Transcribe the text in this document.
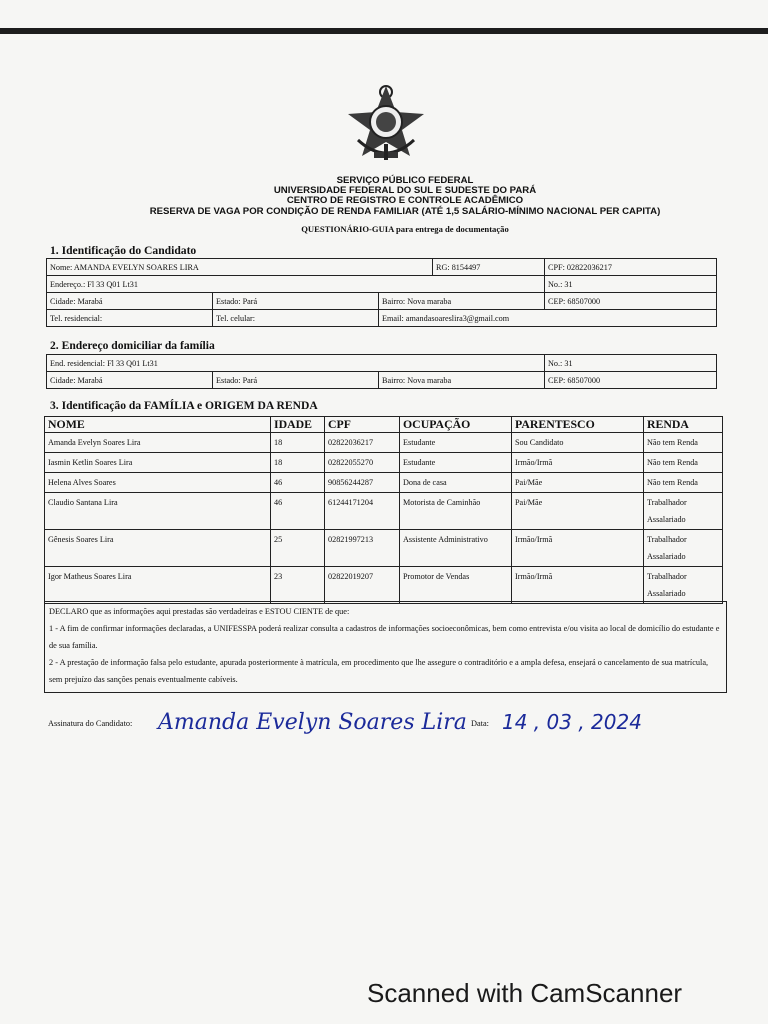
SERVIÇO PÚBLICO FEDERAL
UNIVERSIDADE FEDERAL DO SUL E SUDESTE DO PARÁ
CENTRO DE REGISTRO E CONTROLE ACADÊMICO
RESERVA DE VAGA POR CONDIÇÃO DE RENDA FAMILIAR (ATÉ 1,5 SALÁRIO-MÍNIMO NACIONAL PER CAPITA)
QUESTIONÁRIO-GUIA para entrega de documentação
1. Identificação do Candidato
Nome: AMANDA EVELYN SOARES LIRA			RG: 8154497	CPF: 02822036217
Endereço.: Fl 33 Q01 Lt31				No.: 31
Cidade: Marabá	Estado: Pará	Bairro: Nova maraba		CEP: 68507000
Tel. residencial:	Tel. celular:	Email: amandasoareslira3@gmail.com		
2. Endereço domiciliar da família
End. residencial: Fl 33 Q01 Lt31			No.: 31
Cidade: Marabá	Estado: Pará	Bairro: Nova maraba	CEP: 68507000
3. Identificação da FAMÍLIA e ORIGEM DA RENDA
NOME	IDADE	CPF	OCUPAÇÃO	PARENTESCO	RENDA
Amanda Evelyn Soares Lira	18	02822036217	Estudante	Sou Candidato	Não tem Renda
Iasmin Ketlin Soares Lira	18	02822055270	Estudante	Irmão/Irmã	Não tem Renda
Helena Alves Soares	46	90856244287	Dona de casa	Pai/Mãe	Não tem Renda
Claudio Santana Lira	46	61244171204	Motorista de Caminhão	Pai/Mãe	Trabalhador Assalariado
Gênesis Soares Lira	25	02821997213	Assistente Administrativo	Irmão/Irmã	Trabalhador Assalariado
Igor Matheus Soares Lira	23	02822019207	Promotor de Vendas	Irmão/Irmã	Trabalhador Assalariado

DECLARO que as informações aqui prestadas são verdadeiras e ESTOU CIENTE de que:

1 - A fim de confirmar informações declaradas, a UNIFESSPA poderá realizar consulta a cadastros de informações socioeconômicas, bem como entrevista e/ou visita ao local de domicílio do estudante e de sua família.

2 - A prestação de informação falsa pelo estudante, apurada posteriormente à matrícula, em procedimento que lhe assegure o contraditório e a ampla defesa, ensejará o cancelamento de sua matrícula, sem prejuízo das sanções penais eventualmente cabíveis.

Assinatura do Candidato: Amanda Evelyn Soares Lira Data: 14 , 03 , 2024
Scanned with CamScanner
